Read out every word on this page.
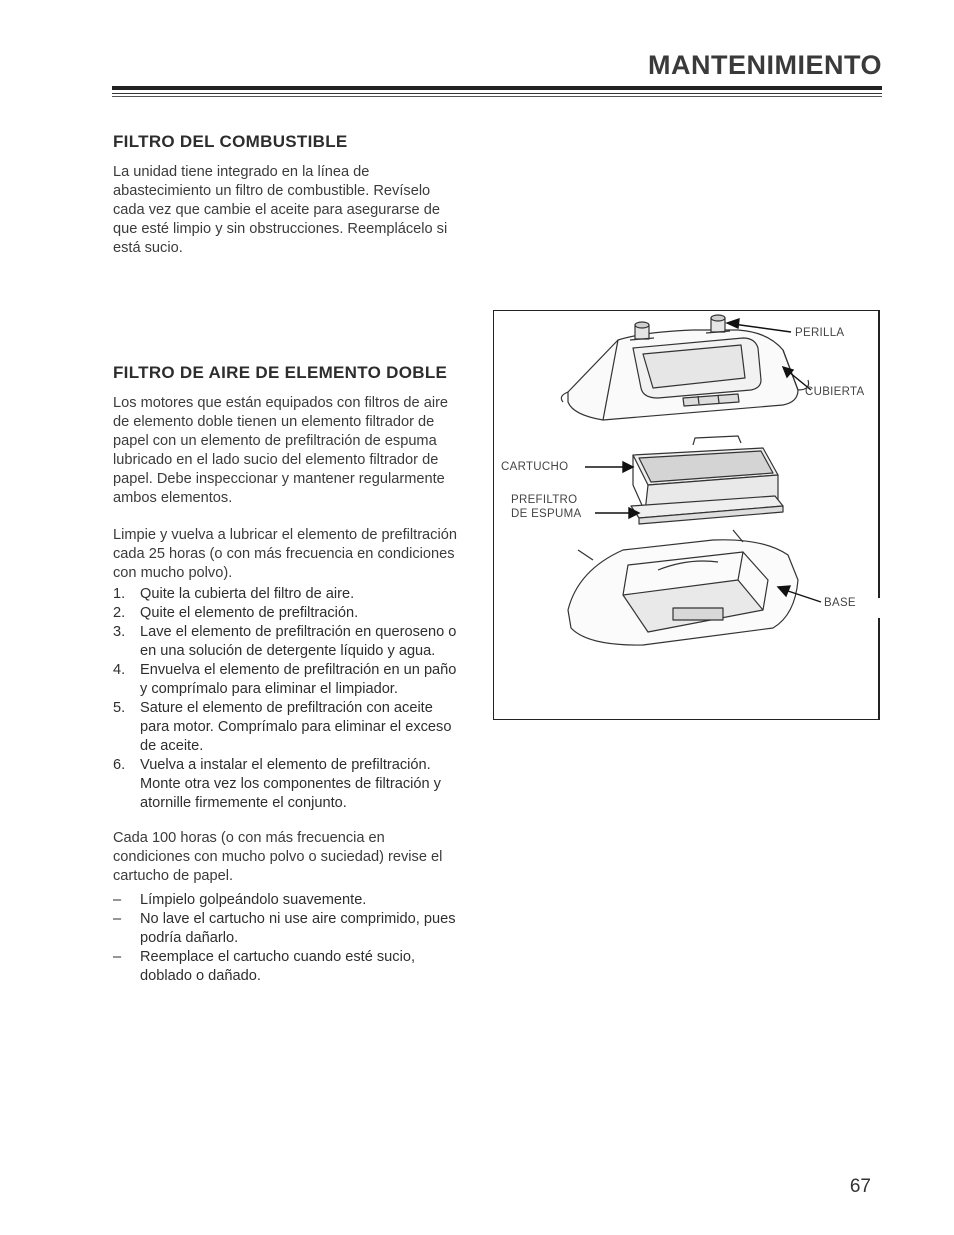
MANTENIMIENTO
FILTRO DEL COMBUSTIBLE

La unidad tiene integrado en la línea de
abastecimiento un filtro de combustible. Revíselo
cada vez que cambie el aceite para asegurarse de
que esté limpio y sin obstrucciones. Reemplácelo si
está sucio.

FILTRO DE AIRE DE ELEMENTO DOBLE

Los motores que están equipados con filtros de aire
de elemento doble tienen un elemento filtrador de
papel con un elemento de prefiltración de espuma
lubricado en el lado sucio del elemento filtrador de
papel. Debe inspeccionar y mantener regularmente
ambos elementos.

Limpie y vuelva a lubricar el elemento de prefiltración
cada 25 horas (o con más frecuencia en condiciones
con mucho polvo).

1. Quite la cubierta del filtro de aire.
2. Quite el elemento de prefiltración.
3. Lave el elemento de prefiltración en queroseno o
en una solución de detergente líquido y agua.
4. Envuelva el elemento de prefiltración en un paño
y comprímalo para eliminar el limpiador.
5. Sature el elemento de prefiltración con aceite
para motor. Comprímalo para eliminar el exceso
de aceite.
6. Vuelva a instalar el elemento de prefiltración.
Monte otra vez los componentes de filtración y
atornille firmemente el conjunto.

Cada 100 horas (o con más frecuencia en
condiciones con mucho polvo o suciedad) revise el
cartucho de papel.

– Límpielo golpeándolo suavemente.
– No lave el cartucho ni use aire comprimido, pues
podría dañarlo.
– Reemplace el cartucho cuando esté sucio,
doblado o dañado.
PERILLA
CUBIERTA
CARTUCHO
PREFILTRO
DE ESPUMA
BASE
67
